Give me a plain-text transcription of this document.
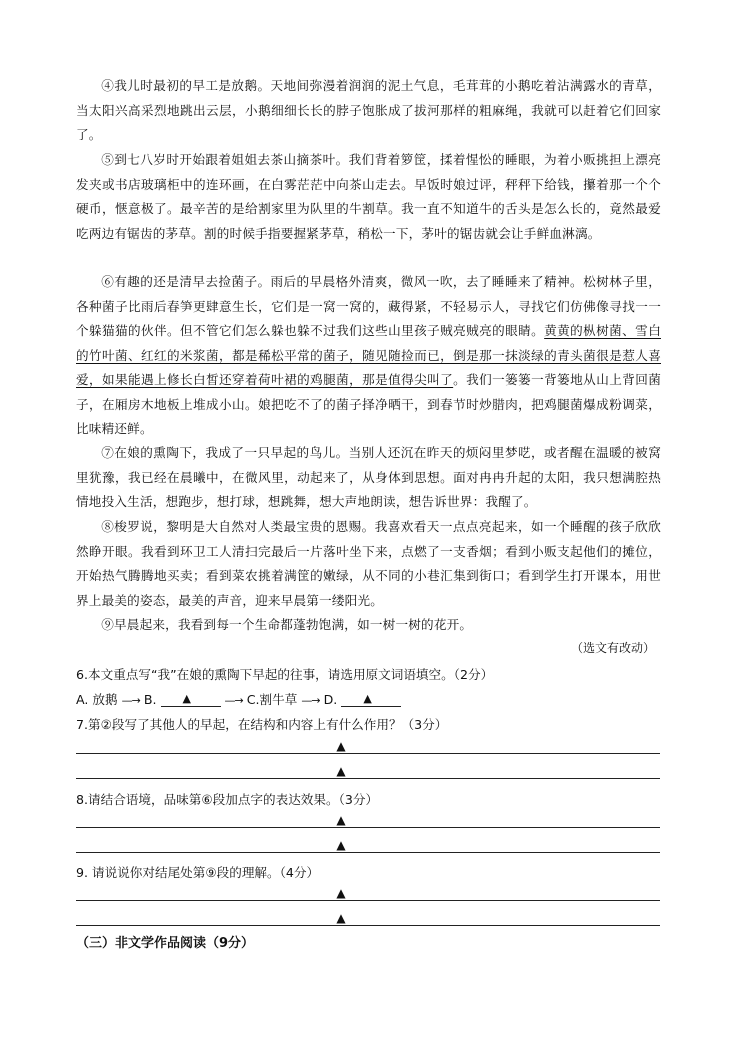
④我儿时最初的早工是放鹅。天地间弥漫着润润的泥土气息，毛茸茸的小鹅吃着沾满露水的青草，当太阳兴高采烈地跳出云层，小鹅细细长长的脖子饱胀成了拔河那样的粗麻绳，我就可以赶着它们回家了。
⑤到七八岁时开始跟着姐姐去茶山摘茶叶。我们背着箩筐，揉着惺忪的睡眼，为着小贩挑担上漂亮发夹或书店玻璃柜中的连环画，在白雾茫茫中向茶山走去。早饭时娘过评，秤秤下给钱，攥着那一个个硬币，惬意极了。最辛苦的是给割家里为队里的牛割草。我一直不知道牛的舌头是怎么长的，竟然最爱吃两边有锯齿的茅草。割的时候手指要握紧茅草，稍松一下，茅叶的锯齿就会让手鲜血淋漓。
⑥有趣的还是清早去捡菌子。雨后的早晨格外清爽，微风一吹，去了睡睡来了精神。松树林子里，各种菌子比雨后春笋更肆意生长，它们是一窝一窝的，藏得紧，不轻易示人，寻找它们仿佛像寻找一一个躲猫猫的伙伴。但不管它们怎么躲也躲不过我们这些山里孩子贼亮贼亮的眼睛。黄黄的枞树菌、雪白的竹叶菌、红红的米浆菌，都是稀松平常的菌子，随见随捡而已，倒是那一抹淡绿的青头菌很是惹人喜爱，如果能遇上修长白皙还穿着荷叶裙的鸡腿菌，那是值得尖叫了。我们一篓篓一背篓地从山上背回菌子，在厢房木地板上堆成小山。娘把吃不了的菌子择净晒干，到春节时炒腊肉，把鸡腿菌爆成粉调菜，比味精还鲜。
⑦在娘的熏陶下，我成了一只早起的鸟儿。当别人还沉在昨天的烦闷里梦呓，或者醒在温暖的被窝里犹豫，我已经在晨曦中，在微风里，动起来了，从身体到思想。面对冉冉升起的太阳，我只想满腔热情地投入生活，想跑步，想打球，想跳舞，想大声地朗读，想告诉世界：我醒了。
⑧梭罗说，黎明是大自然对人类最宝贵的恩赐。我喜欢看天一点点亮起来，如一个睡醒的孩子欣欣然睁开眼。我看到环卫工人清扫完最后一片落叶坐下来，点燃了一支香烟；看到小贩支起他们的摊位，开始热气腾腾地买卖；看到菜农挑着满筐的嫩绿，从不同的小巷汇集到街口；看到学生打开课本，用世界上最美的姿态，最美的声音，迎来早晨第一缕阳光。
⑨早晨起来，我看到每一个生命都蓬勃饱满，如一树一树的花开。
（选文有改动）
6.本文重点写“我”在娘的熏陶下早起的往事，请选用原文词语填空。（2分）
A. 放鹅 —→ B. ▲	—→ C.割牛草 —→ D. ▲
7.第②段写了其他人的早起，在结构和内容上有什么作用？（3分）
▲
▲
8.请结合语境，品味第⑥段加点字的表达效果。（3分）
▲
▲
9. 请说说你对结尾处第⑨段的理解。（4分）
▲
▲
（三）非文学作品阅读（9分）
